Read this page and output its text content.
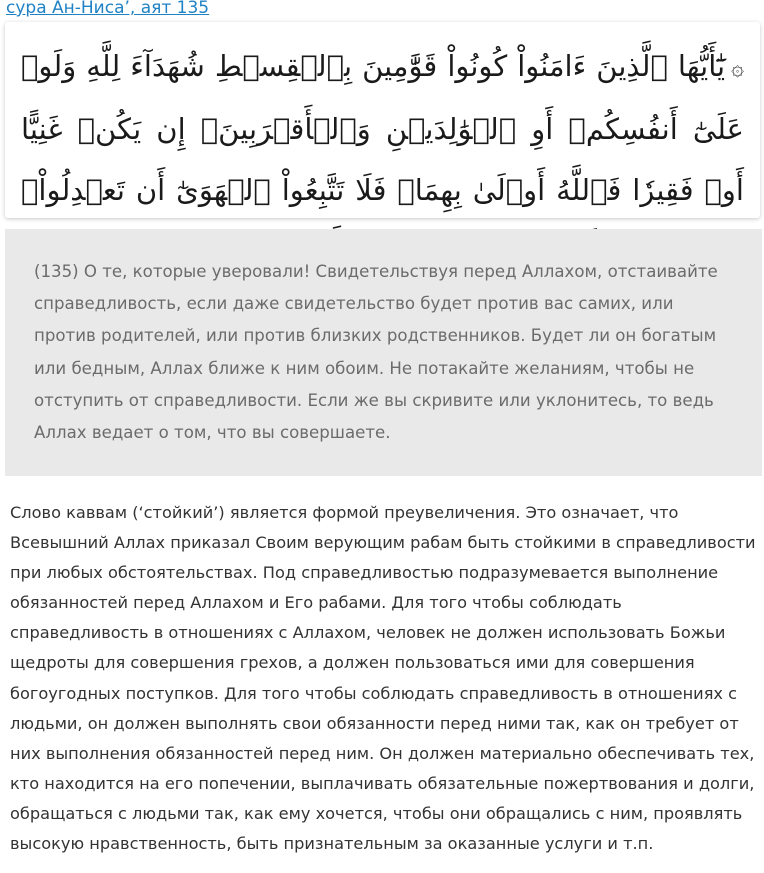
сура Ан-Ниса’, аят 135

۞يَٰٓأَيُّهَا ٱلَّذِينَ ءَامَنُواْ كُونُواْ قَوَّٰمِينَ بِٱلۡقِسۡطِ شُهَدَآءَ لِلَّهِ وَلَوۡ عَلَىٰٓ أَنفُسِكُمۡ أَوِ ٱلۡوَٰلِدَيۡنِ وَٱلۡأَقۡرَبِينَۚ إِن يَكُنۡ غَنِيًّا أَوۡ فَقِيرٗا فَٱللَّهُ أَوۡلَىٰ بِهِمَاۖ فَلَا تَتَّبِعُواْ ٱلۡهَوَىٰٓ أَن تَعۡدِلُواْۚ

(135) О те, которые уверовали! Свидетельствуя перед Аллахом, отстаивайте справедливость, если даже свидетельство будет против вас самих, или против родителей, или против близких родственников. Будет ли он богатым или бедным, Аллах ближе к ним обоим. Не потакайте желаниям, чтобы не отступить от справедливости. Если же вы скривите или уклонитесь, то ведь Аллах ведает о том, что вы совершаете.

Слово каввам (‘стойкий’) является формой преувеличения. Это означает, что Всевышний Аллах приказал Своим верующим рабам быть стойкими в справедливости при любых обстоятельствах. Под справедливостью подразумевается выполнение обязанностей перед Аллахом и Его рабами. Для того чтобы соблюдать справедливость в отношениях с Аллахом, человек не должен использовать Божьи щедроты для совершения грехов, а должен пользоваться ими для совершения богоугодных поступков. Для того чтобы соблюдать справедливость в отношениях с людьми, он должен выполнять свои обязанности перед ними так, как он требует от них выполнения обязанностей перед ним. Он должен материально обеспечивать тех, кто находится на его попечении, выплачивать обязательные пожертвования и долги, обращаться с людьми так, как ему хочется, чтобы они обращались с ним, проявлять высокую нравственность, быть признательным за оказанные услуги и т.п.
